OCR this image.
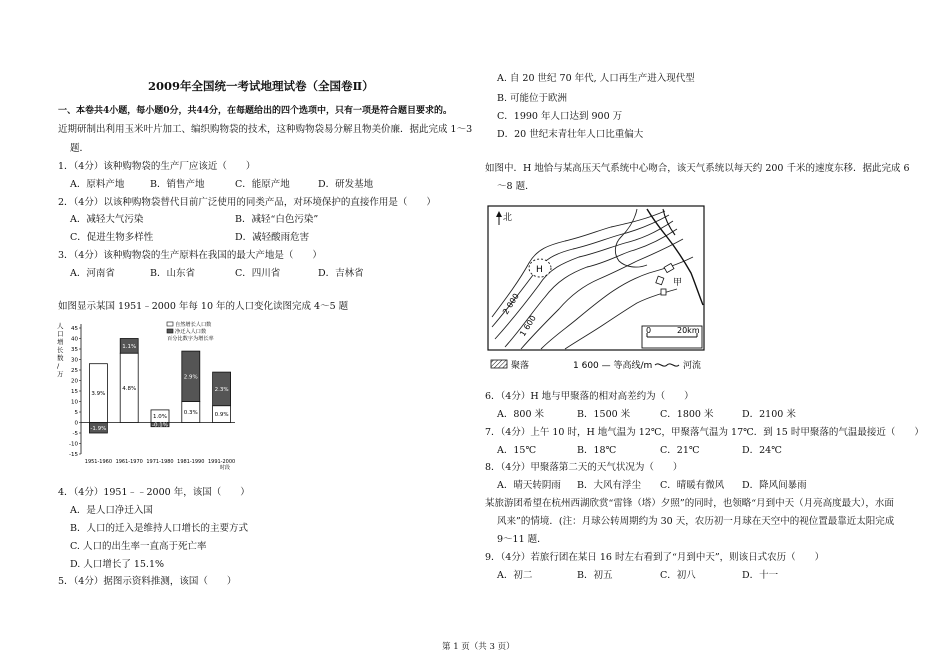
2009年全国统一考试地理试卷（全国卷Ⅱ）
一、本卷共4小题，每小题0分，共44分，在每题给出的四个选项中，只有一项是符合题目要求的。
近期研制出利用玉米叶片加工、编织购物袋的技术，这种购物袋易分解且物美价廉．据此完成 1～3
题．
1．（4分）该种购物袋的生产厂应该近（　　）
A．原料产地	B．销售产地	C．能原产地	D．研发基地
2．（4分）以该种购物袋替代目前广泛使用的同类产品，对环境保护的直接作用是（　　）
A．减轻大气污染	B．减轻“白色污染”
C．促进生物多样性	D．减轻酸雨危害
3．（4分）该种购物袋的生产原料在我国的最大产地是（　　）
A．河南省	B．山东省	C．四川省	D．吉林省
如图显示某国 1951﹣2000 年每 10 年的人口变化读图完成 4～5 题
人
口
增
长
数
/
万
45
40
35
30
25
20
15
10
5
0
-5
-10
-15
1951-1960
3.9%
-1.9%
1961-1970
4.8%
1.1%
1971-1980
1.0%
-0.1%
1981-1990
0.3%
2.9%
1991-2000
0.9%
2.3%
自然增长人口数
净迁入人口数
百分比数字为增长率
时段
4．（4分）1951﹣﹣2000 年，该国（　　）
A．是人口净迁入国
B．人口的迁入是维持人口增长的主要方式
C. 人口的出生率一直高于死亡率
D. 人口增长了 15.1%
5．（4分）据图示资料推测，该国（　　）
A. 自 20 世纪 70 年代, 人口再生产进入现代型
B. 可能位于欧洲
C．1990 年人口达到 900 万
D．20 世纪末青壮年人口比重偏大
如图中．H 地恰与某高压天气系统中心吻合，该天气系统以每天约 200 千米的速度东移．据此完成 6
～8 题．
北
H
甲
2 000
1 600	0	20km
聚落	1 600 — 等高线/m	河流
6．（4分）H 地与甲聚落的相对高差约为（　　）
A．800 米	B．1500 米	C．1800 米	D．2100 米
7．（4分）上午 10 时，H 地气温为 12℃，甲聚落气温为 17℃．到 15 时甲聚落的气温最接近（　　）
A．15℃	B．18℃	C．21℃	D．24℃
8．（4分）甲聚落第二天的天气状况为（　　）
A．晴天转阴雨 B．大风有浮尘 C．晴暖有微风 D．降风间暴雨
某旅游团希望在杭州西湖欣赏“雷锋（塔）夕照”的同时，也领略“月到中天（月亮高度最大），水面
风来”的情境．(注：月球公转周期约为 30 天，农历初一月球在天空中的视位置最靠近太阳完成
9～11 题．
9．（4分）若旅行团在某日 16 时左右看到了“月到中天”，则该日式农历（　　）
A．初二	B．初五	C．初八	D．十一
第 1 页（共 3 页）
